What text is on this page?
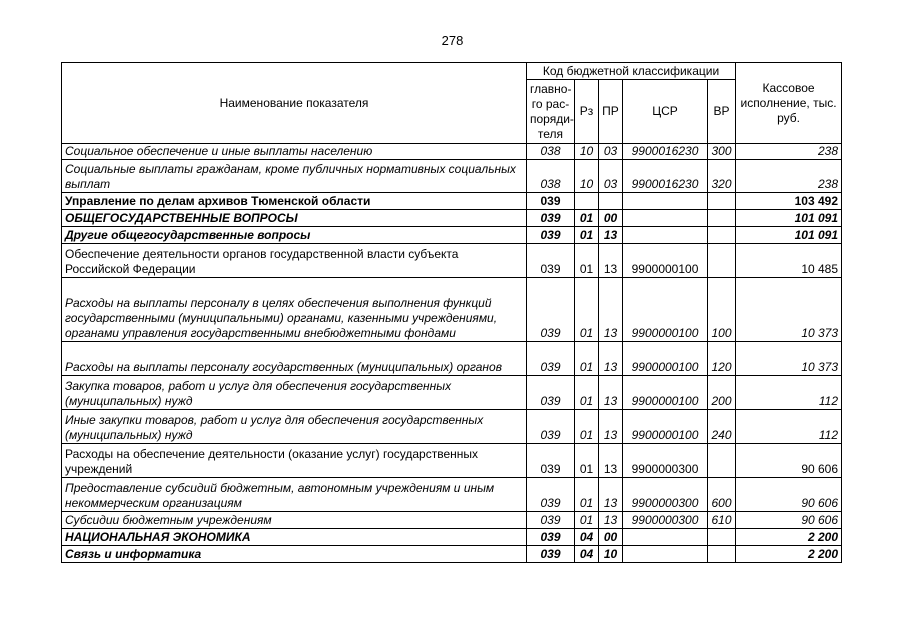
278
Наименование показателя	Код бюджетной классификации					Кассовое исполнение, тыс. руб.
	главно-го рас-поряди-теля	Рз	ПР	ЦСР	ВР	
Социальное обеспечение и иные выплаты населению	038	10	03	9900016230	300	238
Социальные выплаты гражданам, кроме публичных нормативных социальных выплат	038	10	03	9900016230	320	238
Управление по делам архивов Тюменской области	039					103 492
ОБЩЕГОСУДАРСТВЕННЫЕ ВОПРОСЫ	039	01	00			101 091
Другие общегосударственные вопросы	039	01	13			101 091
Обеспечение деятельности органов государственной власти субъекта Российской Федерации	039	01	13	9900000100		10 485
Расходы на выплаты персоналу в целях обеспечения выполнения функций государственными (муниципальными) органами, казенными учреждениями, органами управления государственными внебюджетными фондами	039	01	13	9900000100	100	10 373
Расходы на выплаты персоналу государственных (муниципальных) органов	039	01	13	9900000100	120	10 373
Закупка товаров, работ и услуг для обеспечения государственных (муниципальных) нужд	039	01	13	9900000100	200	112
Иные закупки товаров, работ и услуг для обеспечения государственных (муниципальных) нужд	039	01	13	9900000100	240	112
Расходы на обеспечение деятельности (оказание услуг) государственных учреждений	039	01	13	9900000300		90 606
Предоставление субсидий бюджетным, автономным учреждениям и иным некоммерческим организациям	039	01	13	9900000300	600	90 606
Субсидии бюджетным учреждениям	039	01	13	9900000300	610	90 606
НАЦИОНАЛЬНАЯ ЭКОНОМИКА	039	04	00			2 200
Связь и информатика	039	04	10			2 200
